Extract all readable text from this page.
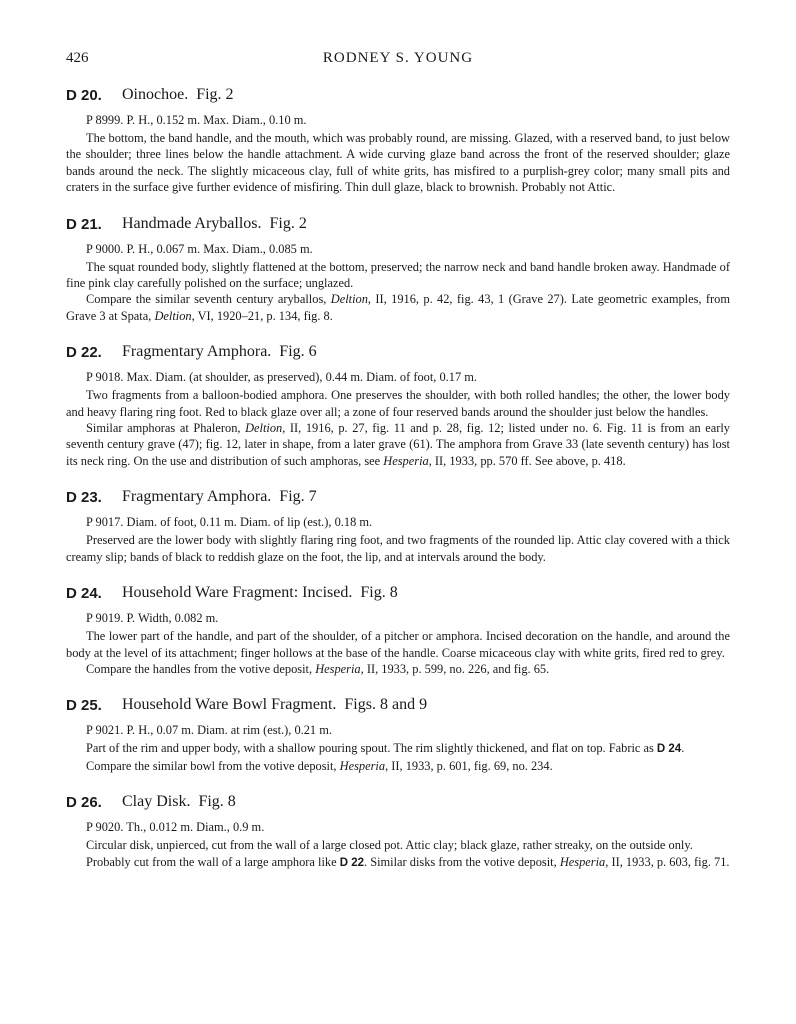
426	RODNEY S. YOUNG
D 20. Oinochoe. Fig. 2

P 8999. P. H., 0.152 m. Max. Diam., 0.10 m.

The bottom, the band handle, and the mouth, which was probably round, are missing. Glazed, with a reserved band, to just below the shoulder; three lines below the handle attachment. A wide curving glaze band across the front of the reserved shoulder; glaze bands around the neck. The slightly micaceous clay, full of white grits, has misfired to a purplish-grey color; many small pits and craters in the surface give further evidence of misfiring. Thin dull glaze, black to brownish. Probably not Attic.

D 21. Handmade Aryballos. Fig. 2

P 9000. P. H., 0.067 m. Max. Diam., 0.085 m.

The squat rounded body, slightly flattened at the bottom, preserved; the narrow neck and band handle broken away. Handmade of fine pink clay carefully polished on the surface; unglazed.

Compare the similar seventh century aryballos, Deltion, II, 1916, p. 42, fig. 43, 1 (Grave 27). Late geometric examples, from Grave 3 at Spata, Deltion, VI, 1920–21, p. 134, fig. 8.

D 22. Fragmentary Amphora. Fig. 6

P 9018. Max. Diam. (at shoulder, as preserved), 0.44 m. Diam. of foot, 0.17 m.

Two fragments from a balloon-bodied amphora. One preserves the shoulder, with both rolled handles; the other, the lower body and heavy flaring ring foot. Red to black glaze over all; a zone of four reserved bands around the shoulder just below the handles.

Similar amphoras at Phaleron, Deltion, II, 1916, p. 27, fig. 11 and p. 28, fig. 12; listed under no. 6. Fig. 11 is from an early seventh century grave (47); fig. 12, later in shape, from a later grave (61). The amphora from Grave 33 (late seventh century) has lost its neck ring. On the use and distribution of such amphoras, see Hesperia, II, 1933, pp. 570 ff. See above, p. 418.

D 23. Fragmentary Amphora. Fig. 7

P 9017. Diam. of foot, 0.11 m. Diam. of lip (est.), 0.18 m.

Preserved are the lower body with slightly flaring ring foot, and two fragments of the rounded lip. Attic clay covered with a thick creamy slip; bands of black to reddish glaze on the foot, the lip, and at intervals around the body.

D 24. Household Ware Fragment: Incised. Fig. 8

P 9019. P. Width, 0.082 m.

The lower part of the handle, and part of the shoulder, of a pitcher or amphora. Incised decoration on the handle, and around the body at the level of its attachment; finger hollows at the base of the handle. Coarse micaceous clay with white grits, fired red to grey.

Compare the handles from the votive deposit, Hesperia, II, 1933, p. 599, no. 226, and fig. 65.

D 25. Household Ware Bowl Fragment. Figs. 8 and 9

P 9021. P. H., 0.07 m. Diam. at rim (est.), 0.21 m.

Part of the rim and upper body, with a shallow pouring spout. The rim slightly thickened, and flat on top. Fabric as D 24.

Compare the similar bowl from the votive deposit, Hesperia, II, 1933, p. 601, fig. 69, no. 234.

D 26. Clay Disk. Fig. 8

P 9020. Th., 0.012 m. Diam., 0.9 m.

Circular disk, unpierced, cut from the wall of a large closed pot. Attic clay; black glaze, rather streaky, on the outside only.

Probably cut from the wall of a large amphora like D 22. Similar disks from the votive deposit, Hesperia, II, 1933, p. 603, fig. 71.
